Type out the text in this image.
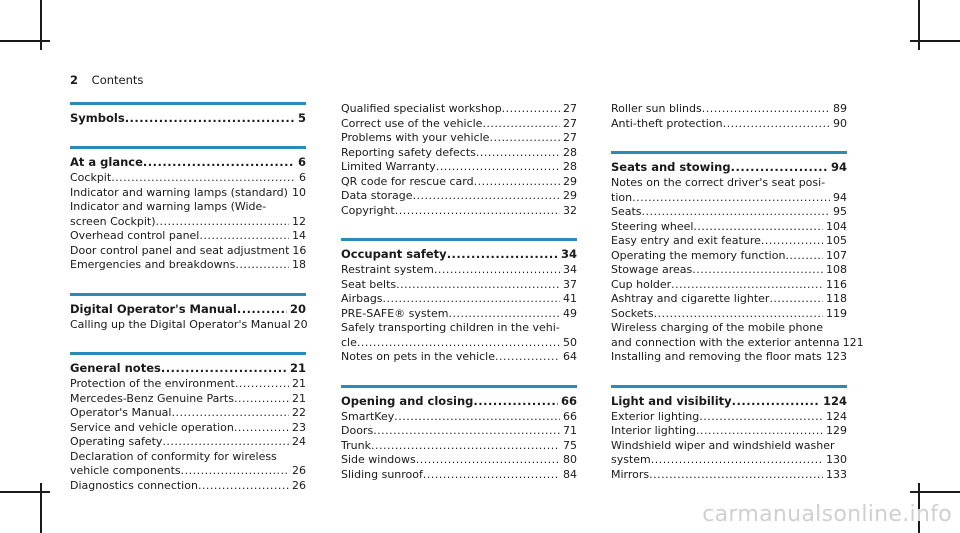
2 Contents
Symbols .....	5
At a glance .....	6
Cockpit .....	6
Indicator and warning lamps (standard) ..... 10
Indicator and warning lamps (Wide-
screen Cockpit) .....	12
Overhead control panel .....	14
Door control panel and seat adjustment 16
Emergencies and breakdowns .....	18
Digital Operator's Manual .....	20
Calling up the Digital Operator's Manual 20
General notes .....	21
Protection of the environment .....	21
Mercedes-Benz Genuine Parts .....	21
Operator's Manual .....	22
Service and vehicle operation .....	23
Operating safety .....	24
Declaration of conformity for wireless
vehicle components .....	26
Diagnostics connection .....	26
Qualified specialist workshop .....	27
Correct use of the vehicle .....	27
Problems with your vehicle .....	27
Reporting safety defects .....	28
Limited Warranty .....	28
QR code for rescue card .....	29
Data storage .....	29
Copyright .....	32
Occupant safety .....	34
Restraint system .....	34
Seat belts .....	37
Airbags .....	41
PRE-SAFE® system .....	49
Safely transporting children in the vehi-
cle .....	50
Notes on pets in the vehicle .....	64
Opening and closing .....	66
SmartKey .....	66
Doors .....	71
Trunk .....	75
Side windows .....	80
Sliding sunroof .....	84
Roller sun blinds .....	89
Anti-theft protection .....	90
Seats and stowing .....	94
Notes on the correct driver's seat posi-
tion .....	94
Seats .....	95
Steering wheel .....	104
Easy entry and exit feature .....	105
Operating the memory function .....	107
Stowage areas .....	108
Cup holder .....	116
Ashtray and cigarette lighter .....	118
Sockets .....	119
Wireless charging of the mobile phone
and connection with the exterior antenna 121
Installing and removing the floor mats ..... 123
Light and visibility .....	124
Exterior lighting .....	124
Interior lighting .....	129
Windshield wiper and windshield washer
system .....	130
Mirrors .....	133
carmanualsonline.info
